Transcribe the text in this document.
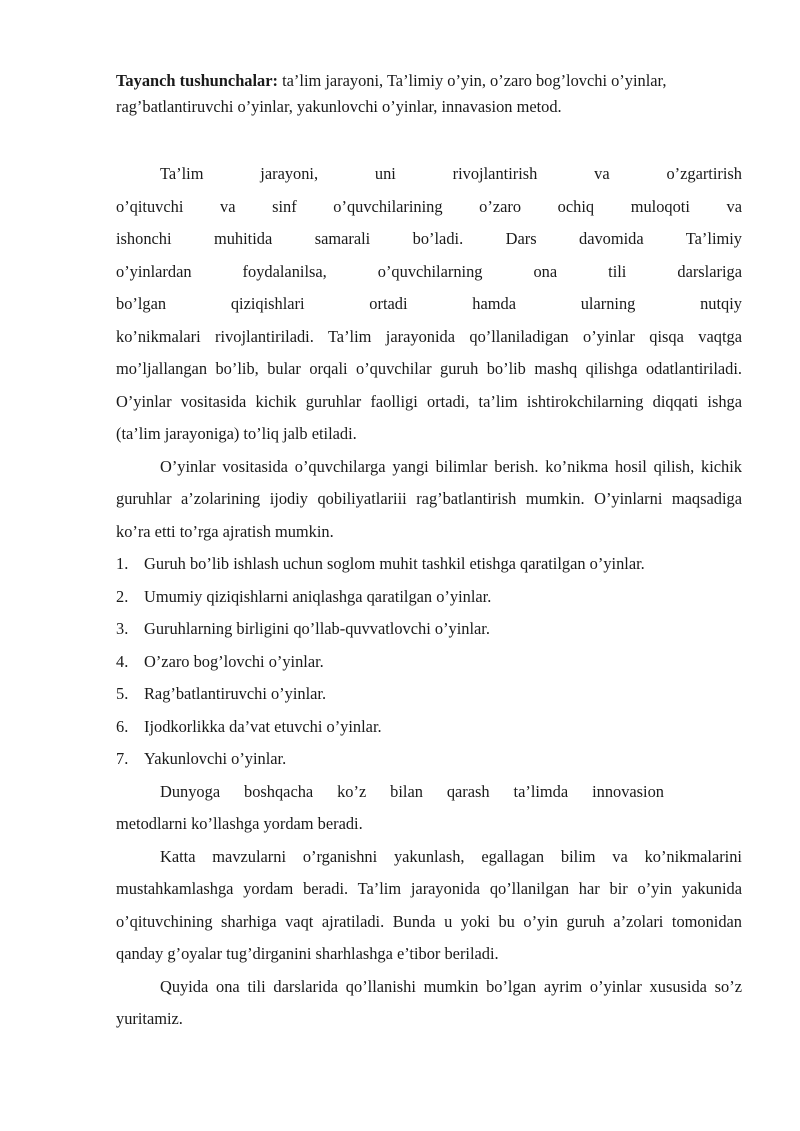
Tayanch tushunchalar: ta’lim jarayoni, Ta’limiy o’yin, o’zaro bog’lovchi o’yinlar, rag’batlantiruvchi o’yinlar, yakunlovchi o’yinlar, innavasion metod.

Ta’lim jarayoni, uni rivojlantirish va o’zgartirish
o’qituvchi va sinf o’quvchilarining o’zaro ochiq muloqoti va
ishonchi muhitida samarali bo’ladi. Dars davomida Ta’limiy
o’yinlardan foydalanilsa, o’quvchilarning ona tili darslariga
bo’lgan qiziqishlari ortadi hamda ularning nutqiy

ko’nikmalari rivojlantiriladi. Ta’lim jarayonida qo’llaniladigan o’yinlar qisqa vaqtga mo’ljallangan bo’lib, bular orqali o’quvchilar guruh bo’lib mashq qilishga odatlantiriladi. O’yinlar vositasida kichik guruhlar faolligi ortadi, ta’lim ishtirokchilarning diqqati ishga (ta’lim jarayoniga) to’liq jalb etiladi.

O’yinlar vositasida o’quvchilarga yangi bilimlar berish. ko’nikma hosil qilish, kichik guruhlar a’zolarining ijodiy qobiliyatlariii rag’batlantirish mumkin. O’yinlarni maqsadiga ko’ra etti to’rga ajratish mumkin.

1. Guruh bo’lib ishlash uchun soglom muhit tashkil etishga qaratilgan o’yinlar.
2. Umumiy qiziqishlarni aniqlashga qaratilgan o’yinlar.
3. Guruhlarning birligini qo’llab-quvvatlovchi o’yinlar.
4. O’zaro bog’lovchi o’yinlar.
5. Rag’batlantiruvchi o’yinlar.
6. Ijodkorlikka da’vat etuvchi o’yinlar.
7. Yakunlovchi o’yinlar.
Dunyoga boshqacha ko’z bilan qarash ta’limda innovasion
metodlarni ko’llashga yordam beradi.

Katta mavzularni o’rganishni yakunlash, egallagan bilim va ko’nikmalarini mustahkamlashga yordam beradi. Ta’lim jarayonida qo’llanilgan har bir o’yin yakunida o’qituvchining sharhiga vaqt ajratiladi. Bunda u yoki bu o’yin guruh a’zolari tomonidan qanday g’oyalar tug’dirganini sharhlashga e’tibor beriladi.

Quyida ona tili darslarida qo’llanishi mumkin bo’lgan ayrim o’yinlar xususida so’z yuritamiz.
